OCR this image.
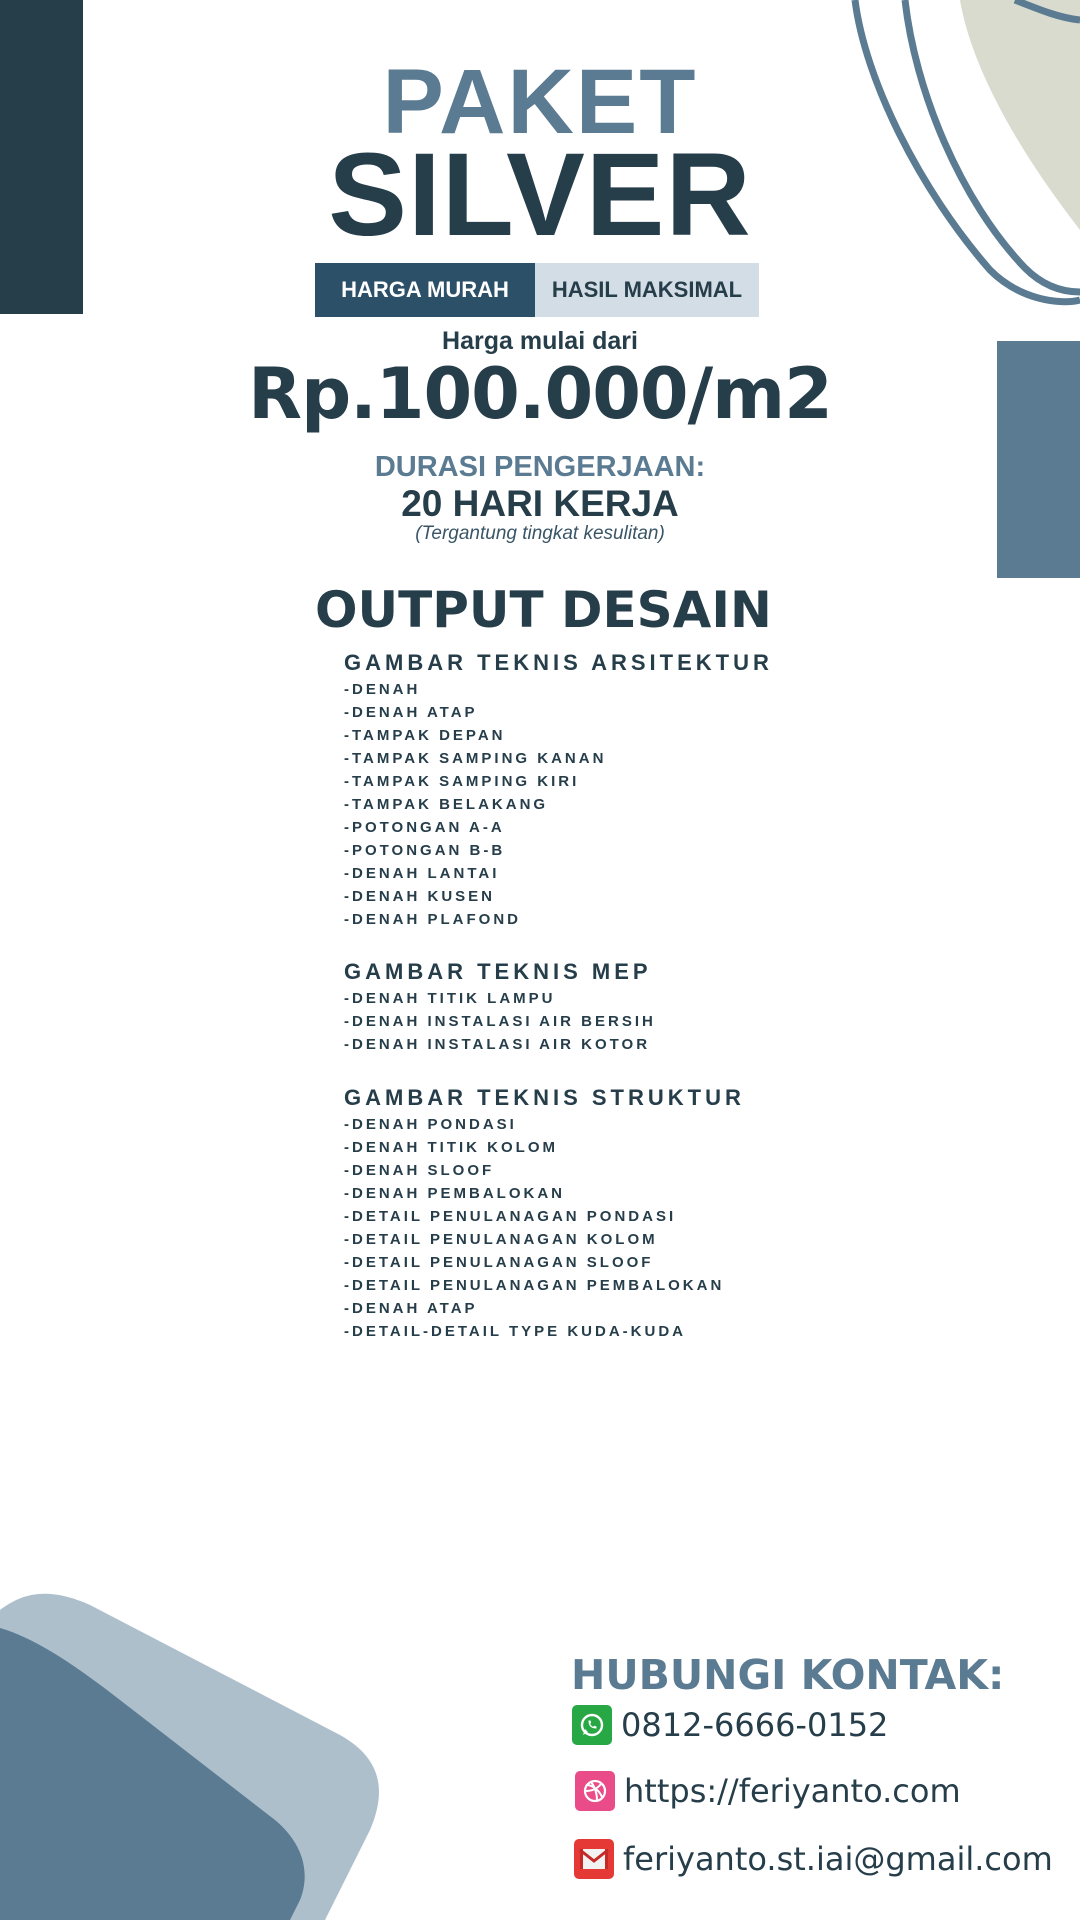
PAKET
SILVER
HARGA MURAH	HASIL MAKSIMAL
Harga mulai dari
Rp.100.000/m2
DURASI PENGERJAAN:
20 HARI KERJA
(Tergantung tingkat kesulitan)
OUTPUT DESAIN
GAMBAR TEKNIS ARSITEKTUR
-DENAH
-DENAH ATAP
-TAMPAK DEPAN
-TAMPAK SAMPING KANAN
-TAMPAK SAMPING KIRI
-TAMPAK BELAKANG
-POTONGAN A-A
-POTONGAN B-B
-DENAH LANTAI
-DENAH KUSEN
-DENAH PLAFOND
GAMBAR TEKNIS MEP
-DENAH TITIK LAMPU
-DENAH INSTALASI AIR BERSIH
-DENAH INSTALASI AIR KOTOR
GAMBAR TEKNIS STRUKTUR
-DENAH PONDASI
-DENAH TITIK KOLOM
-DENAH SLOOF
-DENAH PEMBALOKAN
-DETAIL PENULANAGAN PONDASI
-DETAIL PENULANAGAN KOLOM
-DETAIL PENULANAGAN SLOOF
-DETAIL PENULANAGAN PEMBALOKAN
-DENAH ATAP
-DETAIL-DETAIL TYPE KUDA-KUDA
HUBUNGI KONTAK:
0812-6666-0152
https://feriyanto.com
feriyanto.st.iai@gmail.com
